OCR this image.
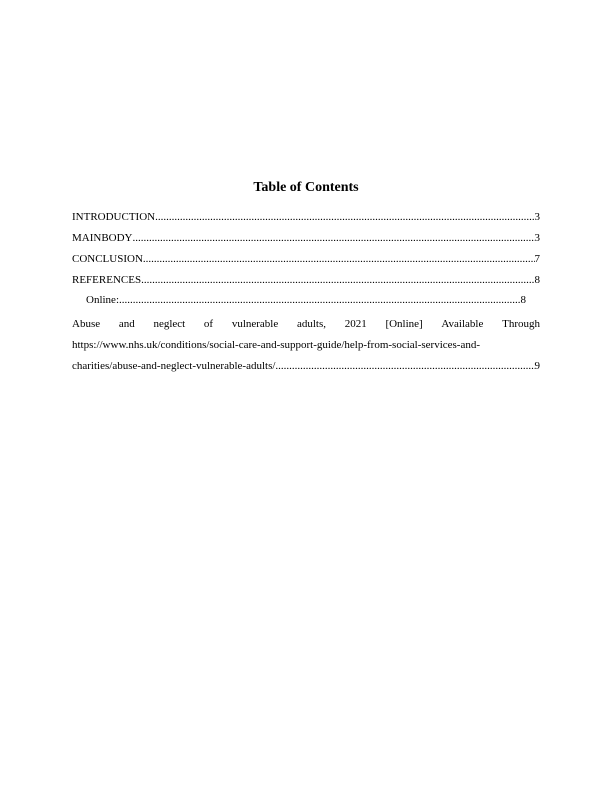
Table of Contents
INTRODUCTION .....	3
MAINBODY .....	3
CONCLUSION .....	7
REFERENCES .....	8
Online: .....	8
Abuse and neglect of vulnerable adults, 2021 [Online] Available Through
https://www.nhs.uk/conditions/social-care-and-support-guide/help-from-social-services-and-
charities/abuse-and-neglect-vulnerable-adults/ .....	9
